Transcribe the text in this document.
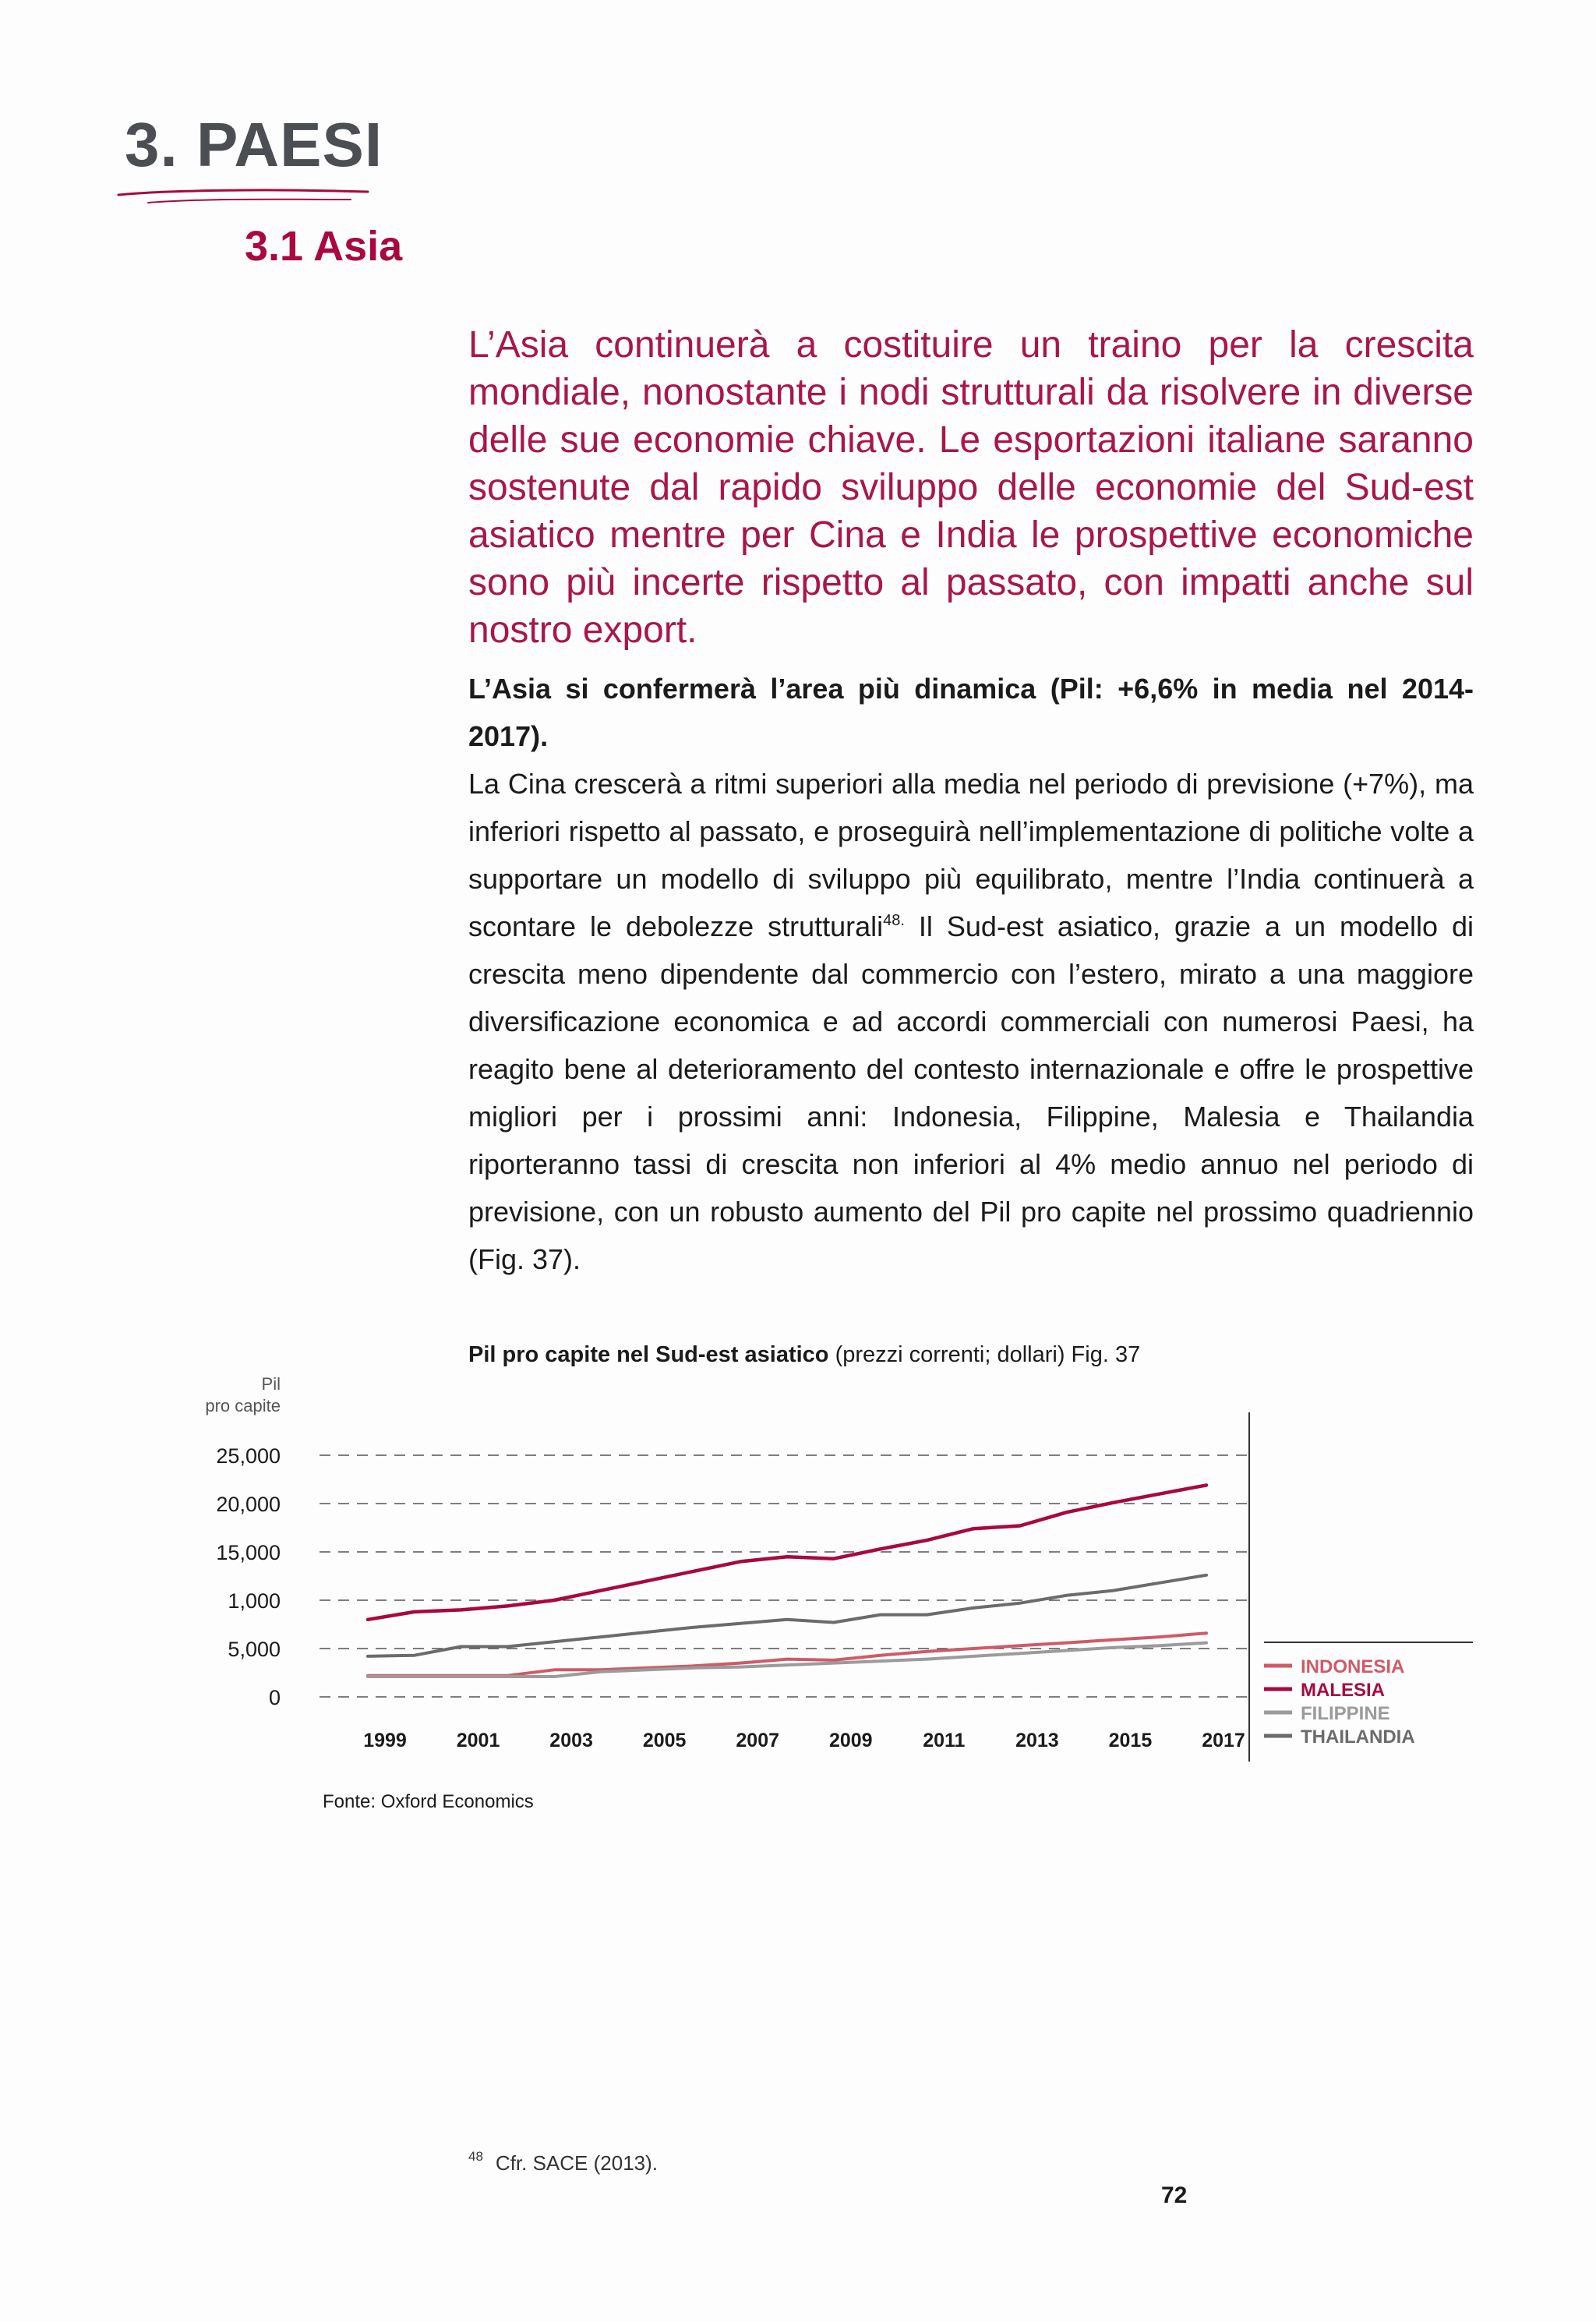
3. PAESI
3.1 Asia

L’Asia continuerà a costituire un traino per la crescita mondiale, nonostante i nodi strutturali da risolvere in diverse delle sue economie chiave. Le esportazioni italiane saranno sostenute dal rapido sviluppo delle economie del Sud-est asiatico mentre per Cina e India le prospettive economiche sono più incerte rispetto al passato, con impatti anche sul nostro export.

L’Asia si confermerà l’area più dinamica (Pil: +6,6% in media nel 2014-2017).
La Cina crescerà a ritmi superiori alla media nel periodo di previsione (+7%), ma inferiori rispetto al passato, e proseguirà nell’implementazione di politiche volte a supportare un modello di sviluppo più equilibrato, mentre l’India continuerà a scontare le debolezze strutturali$^{48.}$ Il Sud-est asiatico, grazie a un modello di crescita meno dipendente dal commercio con l’estero, mirato a una maggiore diversificazione economica e ad accordi commerciali con numerosi Paesi, ha reagito bene al deterioramento del contesto internazionale e offre le prospettive migliori per i prossimi anni: Indonesia, Filippine, Malesia e Thailandia riporteranno tassi di crescita non inferiori al 4% medio annuo nel periodo di previsione, con un robusto aumento del Pil pro capite nel prossimo quadriennio (Fig. 37).

Pil pro capite nel Sud-est asiatico (prezzi correnti; dollari) Fig. 37
Pil
pro capite
25,000
20,000
15,000
1,000
5,000
0
1999	2001	2003	2005	2007	2009	2011	2013	2015	2017
INDONESIA
MALESIA
FILIPPINE
THAILANDIA
Fonte: Oxford Economics
$^{48}$ Cfr. SACE (2013).
72
